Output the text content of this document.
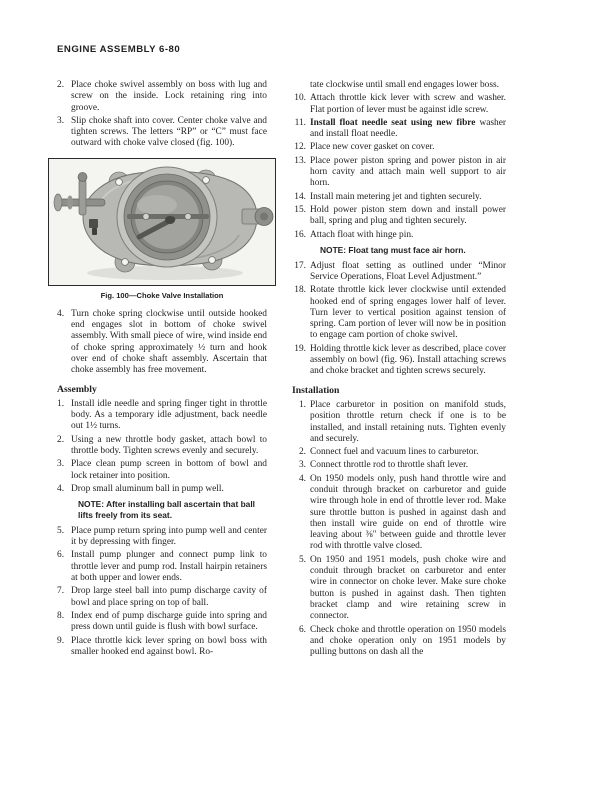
ENGINE ASSEMBLY 6-80
2. Place choke swivel assembly on boss with lug and screw on the inside. Lock retaining ring into groove.
3. Slip choke shaft into cover. Center choke valve and tighten screws. The letters “RP” or “C” must face outward with choke valve closed (fig. 100).
Fig. 100—Choke Valve Installation
4. Turn choke spring clockwise until outside hooked end engages slot in bottom of choke swivel assembly. With small piece of wire, wind inside end of choke spring approximately ½ turn and hook over end of choke shaft assembly. Ascertain that choke assembly has free movement.
Assembly
1. Install idle needle and spring finger tight in throttle body. As a temporary idle adjustment, back needle out 1½ turns.
2. Using a new throttle body gasket, attach bowl to throttle body. Tighten screws evenly and securely.
3. Place clean pump screen in bottom of bowl and lock retainer into position.
4. Drop small aluminum ball in pump well.
NOTE: After installing ball ascertain that ball lifts freely from its seat.
5. Place pump return spring into pump well and center it by depressing with finger.
6. Install pump plunger and connect pump link to throttle lever and pump rod. Install hairpin retainers at both upper and lower ends.
7. Drop large steel ball into pump discharge cavity of bowl and place spring on top of ball.
8. Index end of pump discharge guide into spring and press down until guide is flush with bowl surface.
9. Place throttle kick lever spring on bowl boss with smaller hooked end against bowl. Ro-
tate clockwise until small end engages lower boss.
10. Attach throttle kick lever with screw and washer. Flat portion of lever must be against idle screw.
11. Install float needle seat using new fibre washer and install float needle.
12. Place new cover gasket on cover.
13. Place power piston spring and power piston in air horn cavity and attach main well support to air horn.
14. Install main metering jet and tighten securely.
15. Hold power piston stem down and install power ball, spring and plug and tighten securely.
16. Attach float with hinge pin.
NOTE: Float tang must face air horn.
17. Adjust float setting as outlined under “Minor Service Operations, Float Level Adjustment.”
18. Rotate throttle kick lever clockwise until extended hooked end of spring engages lower half of lever. Turn lever to vertical position against tension of spring. Cam portion of lever will now be in position to engage cam portion of choke swivel.
19. Holding throttle kick lever as described, place cover assembly on bowl (fig. 96). Install attaching screws and choke bracket and tighten screws securely.
Installation
1. Place carburetor in position on manifold studs, position throttle return check if one is to be installed, and install retaining nuts. Tighten evenly and securely.
2. Connect fuel and vacuum lines to carburetor.
3. Connect throttle rod to throttle shaft lever.
4. On 1950 models only, push hand throttle wire and conduit through bracket on carburetor and guide wire through hole in end of throttle lever rod. Make sure throttle button is pushed in against dash and then install wire guide on end of throttle wire leaving about ⅜″ between guide and throttle lever rod with throttle valve closed.
5. On 1950 and 1951 models, push choke wire and conduit through bracket on carburetor and enter wire in connector on choke lever. Make sure choke button is pushed in against dash. Then tighten bracket clamp and wire retaining screw in connector.
6. Check choke and throttle operation on 1950 models and choke operation only on 1951 models by pulling buttons on dash all the
